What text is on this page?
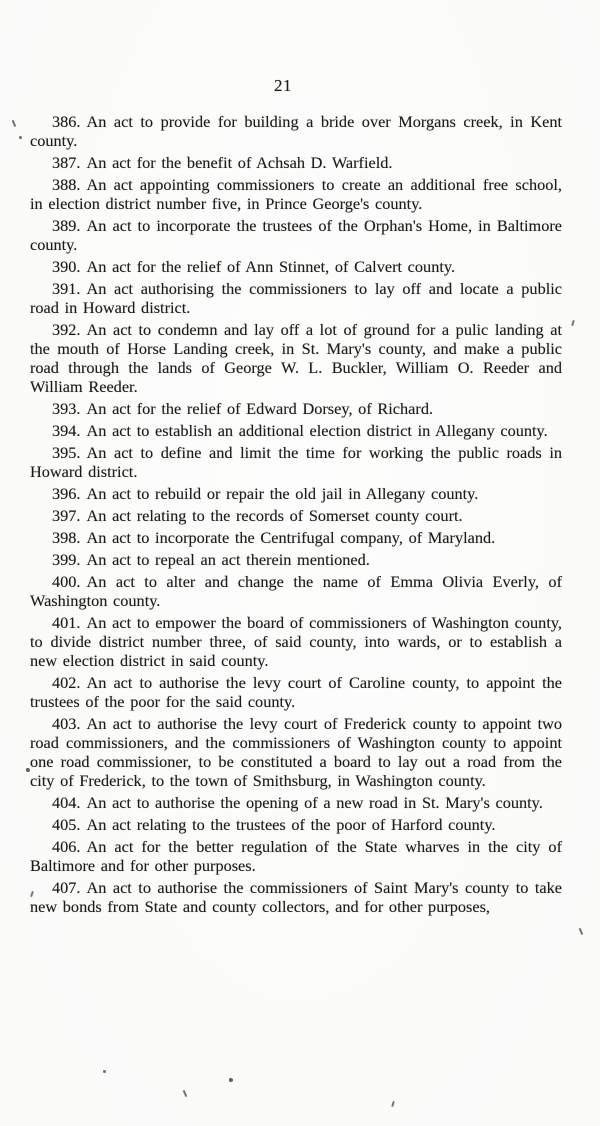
21

386. An act to provide for building a bride over Morgans creek, in Kent county.

387. An act for the benefit of Achsah D. Warfield.

388. An act appointing commissioners to create an additional free school, in election district number five, in Prince George's county.

389. An act to incorporate the trustees of the Orphan's Home, in Baltimore county.

390. An act for the relief of Ann Stinnet, of Calvert county.

391. An act authorising the commissioners to lay off and locate a public road in Howard district.

392. An act to condemn and lay off a lot of ground for a pulic landing at the mouth of Horse Landing creek, in St. Mary's county, and make a public road through the lands of George W. L. Buckler, William O. Reeder and William Reeder.

393. An act for the relief of Edward Dorsey, of Richard.

394. An act to establish an additional election district in Allegany county.

395. An act to define and limit the time for working the public roads in Howard district.

396. An act to rebuild or repair the old jail in Allegany county.

397. An act relating to the records of Somerset county court.

398. An act to incorporate the Centrifugal company, of Maryland.

399. An act to repeal an act therein mentioned.

400. An act to alter and change the name of Emma Olivia Everly, of Washington county.

401. An act to empower the board of commissioners of Washington county, to divide district number three, of said county, into wards, or to establish a new election district in said county.

402. An act to authorise the levy court of Caroline county, to appoint the trustees of the poor for the said county.

403. An act to authorise the levy court of Frederick county to appoint two road commissioners, and the commissioners of Washington county to appoint one road commissioner, to be constituted a board to lay out a road from the city of Frederick, to the town of Smithsburg, in Washington county.

404. An act to authorise the opening of a new road in St. Mary's county.

405. An act relating to the trustees of the poor of Harford county.

406. An act for the better regulation of the State wharves in the city of Baltimore and for other purposes.

407. An act to authorise the commissioners of Saint Mary's county to take new bonds from State and county collectors, and for other purposes,
